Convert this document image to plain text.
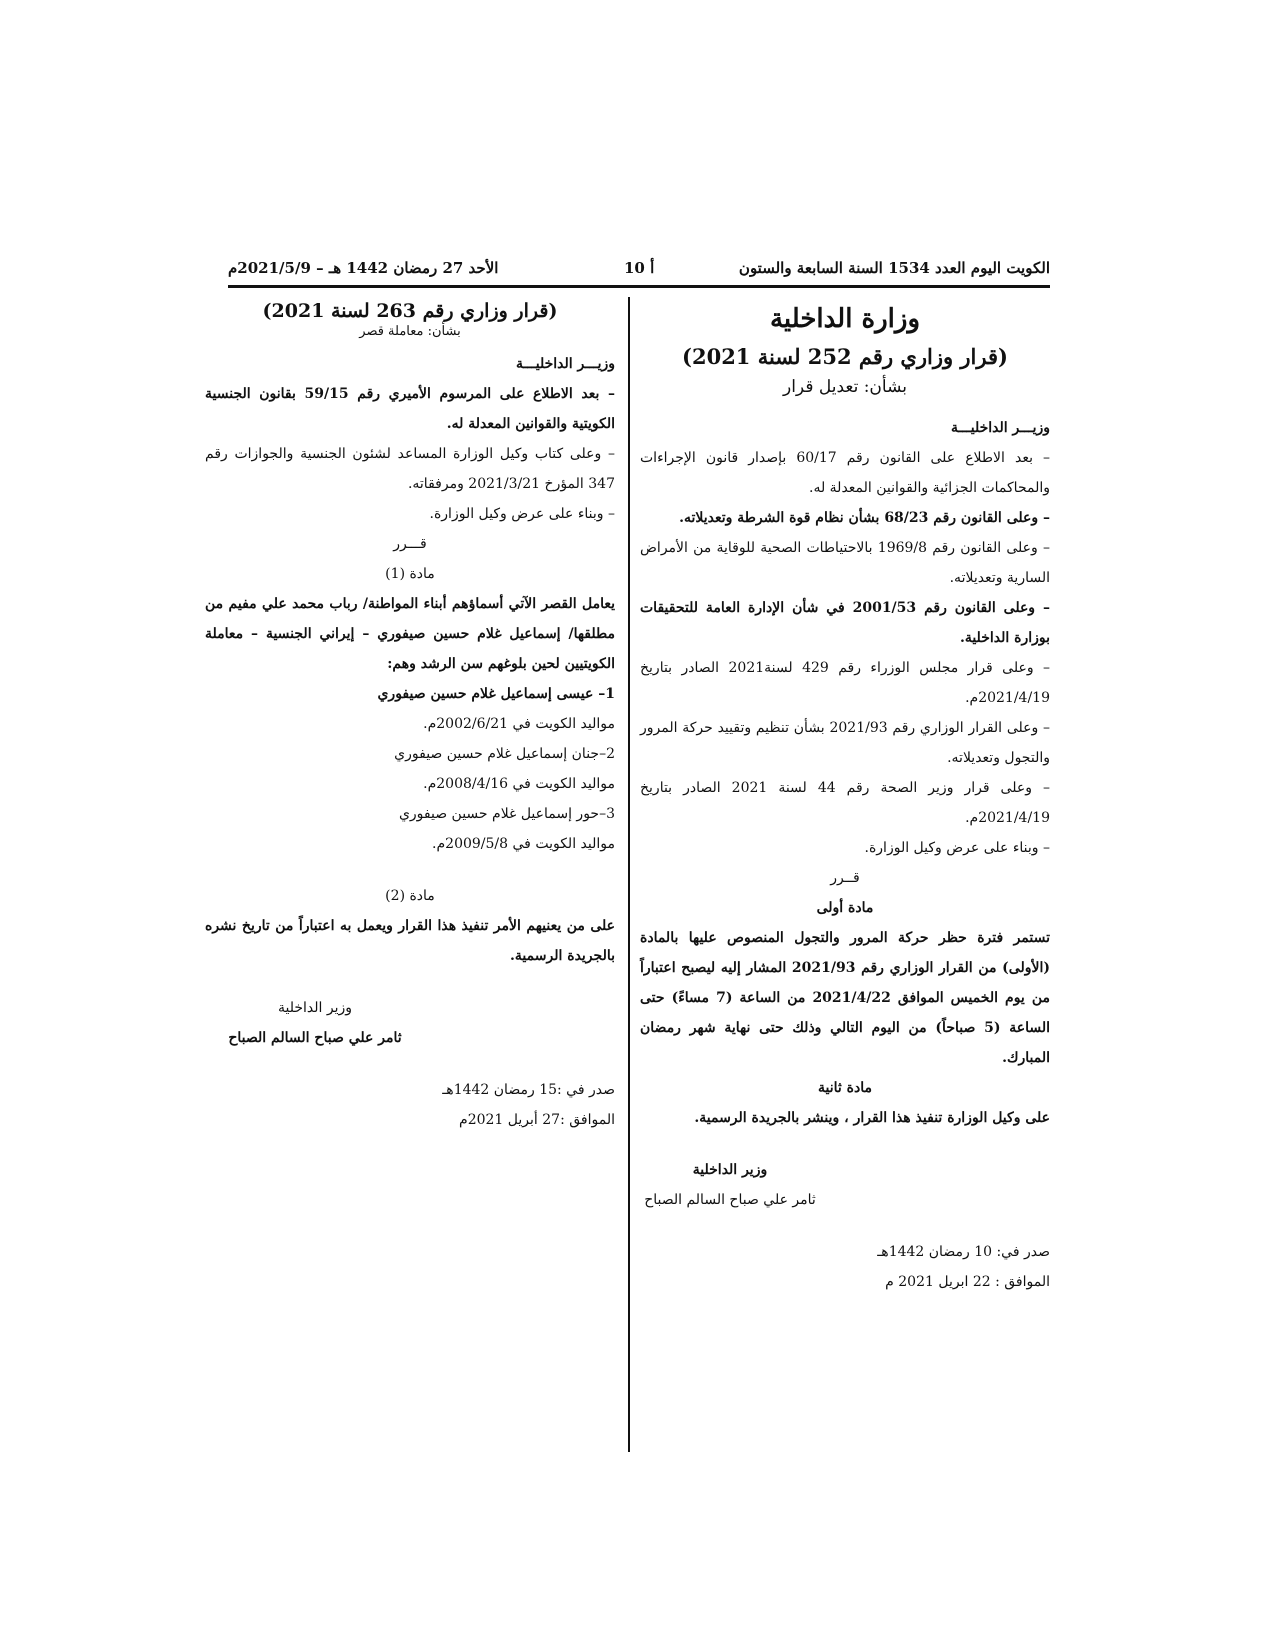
الكويت اليوم العدد 1534 السنة السابعة والستون
أ 10
الأحد 27 رمضان 1442 هـ – 2021/5/9م
وزارة الداخلية
(قرار وزاري رقم 252 لسنة 2021)
بشأن: تعديل قرار

وزيـــر الداخليـــة

– بعد الاطلاع على القانون رقم 60/17 بإصدار قانون الإجراءات والمحاكمات الجزائية والقوانين المعدلة له.

– وعلى القانون رقم 68/23 بشأن نظام قوة الشرطة وتعديلاته.

– وعلى القانون رقم 1969/8 بالاحتياطات الصحية للوقاية من الأمراض السارية وتعديلاته.

– وعلى القانون رقم 2001/53 في شأن الإدارة العامة للتحقيقات بوزارة الداخلية.

– وعلى قرار مجلس الوزراء رقم 429 لسنة2021 الصادر بتاريخ 2021/4/19م.

– وعلى القرار الوزاري رقم 2021/93 بشأن تنظيم وتقييد حركة المرور والتجول وتعديلاته.

– وعلى قرار وزير الصحة رقم 44 لسنة 2021 الصادر بتاريخ 2021/4/19م.

– وبناء على عرض وكيل الوزارة.

قــرر

مادة أولى

تستمر فترة حظر حركة المرور والتجول المنصوص عليها بالمادة (الأولى) من القرار الوزاري رقم 2021/93 المشار إليه ليصبح اعتباراً من يوم الخميس الموافق 2021/4/22 من الساعة (7 مساءً) حتى الساعة (5 صباحاً) من اليوم التالي وذلك حتى نهاية شهر رمضان المبارك.

مادة ثانية

على وكيل الوزارة تنفيذ هذا القرار ، وينشر بالجريدة الرسمية.

وزير الداخلية

ثامر علي صباح السالم الصباح

صدر في: 10 رمضان 1442هـ

الموافق : 22 ابريل 2021 م

(قرار وزاري رقم 263 لسنة 2021)
بشأن: معاملة قصر

وزيـــر الداخليـــة

– بعد الاطلاع على المرسوم الأميري رقم 59/15 بقانون الجنسية الكويتية والقوانين المعدلة له.

– وعلى كتاب وكيل الوزارة المساعد لشئون الجنسية والجوازات رقم 347 المؤرخ 2021/3/21 ومرفقاته.

– وبناء على عرض وكيل الوزارة.

قـــرر

مادة (1)

يعامل القصر الآتي أسماؤهم أبناء المواطنة/ رباب محمد علي مفيم من مطلقها/ إسماعيل غلام حسين صيفوري – إيراني الجنسية – معاملة الكويتيين لحين بلوغهم سن الرشد وهم:

1– عيسى إسماعيل غلام حسين صيفوري

مواليد الكويت في 2002/6/21م.

2–جنان إسماعيل غلام حسين صيفوري

مواليد الكويت في 2008/4/16م.

3–حور إسماعيل غلام حسين صيفوري

مواليد الكويت في 2009/5/8م.

مادة (2)

على من يعنيهم الأمر تنفيذ هذا القرار ويعمل به اعتباراً من تاريخ نشره بالجريدة الرسمية.

وزير الداخلية

ثامر علي صباح السالم الصباح

صدر في :15 رمضان 1442هـ

الموافق :27 أبريل 2021م
